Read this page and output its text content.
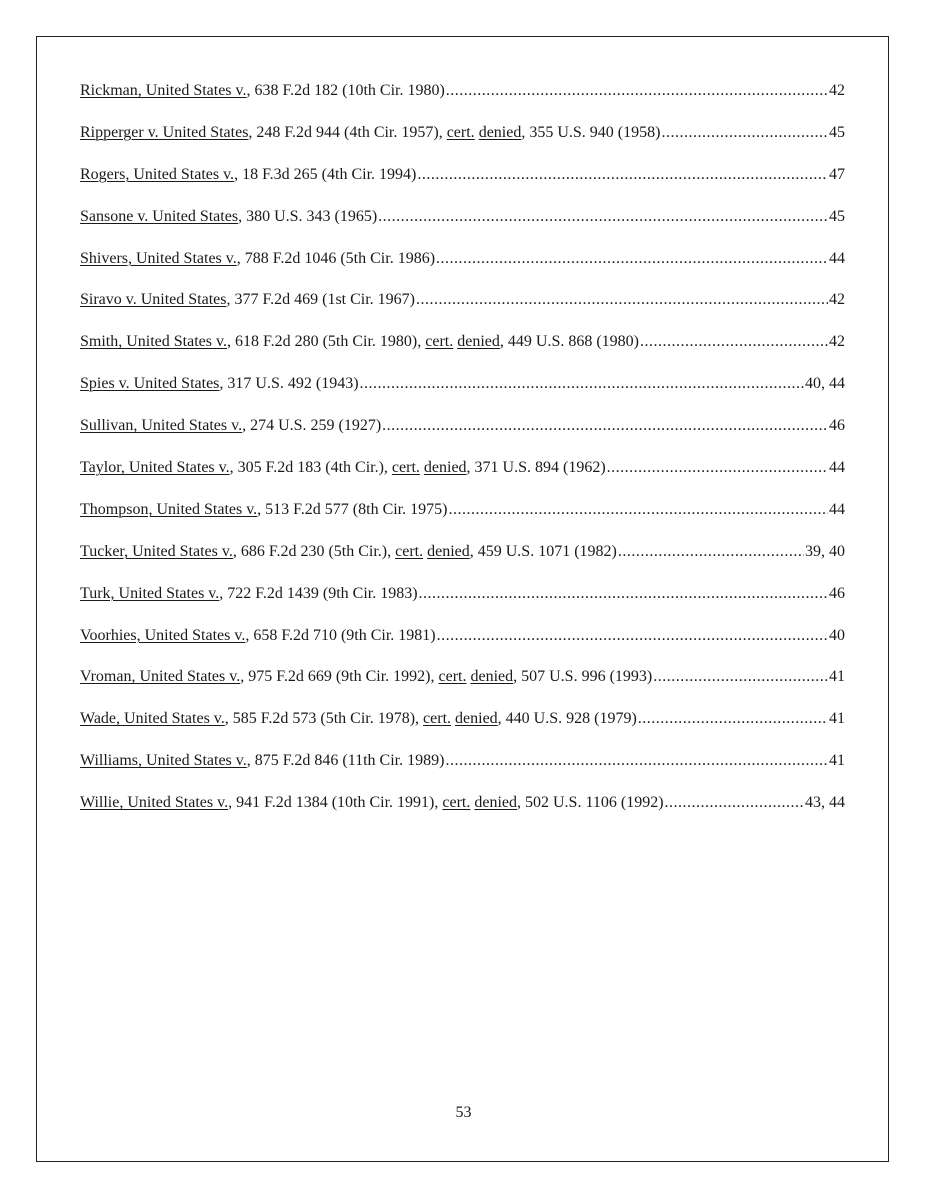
Rickman, United States v., 638 F.2d 182 (10th Cir. 1980) .....	42
Ripperger v. United States, 248 F.2d 944 (4th Cir. 1957), cert. denied, 355 U.S. 940 (1958) .....	45
Rogers, United States v., 18 F.3d 265 (4th Cir. 1994) .....	47
Sansone v. United States, 380 U.S. 343 (1965) .....	45
Shivers, United States v., 788 F.2d 1046 (5th Cir. 1986) .....	44
Siravo v. United States, 377 F.2d 469 (1st Cir. 1967) .....	42
Smith, United States v., 618 F.2d 280 (5th Cir. 1980), cert. denied, 449 U.S. 868 (1980) .....	42
Spies v. United States, 317 U.S. 492 (1943) .....	40, 44
Sullivan, United States v., 274 U.S. 259 (1927) .....	46
Taylor, United States v., 305 F.2d 183 (4th Cir.), cert. denied, 371 U.S. 894 (1962) .....	44
Thompson, United States v., 513 F.2d 577 (8th Cir. 1975) .....	44
Tucker, United States v., 686 F.2d 230 (5th Cir.), cert. denied, 459 U.S. 1071 (1982) .....	39, 40
Turk, United States v., 722 F.2d 1439 (9th Cir. 1983) .....	46
Voorhies, United States v., 658 F.2d 710 (9th Cir. 1981) .....	40
Vroman, United States v., 975 F.2d 669 (9th Cir. 1992), cert. denied, 507 U.S. 996 (1993) .....	41
Wade, United States v., 585 F.2d 573 (5th Cir. 1978), cert. denied, 440 U.S. 928 (1979) .....	41
Williams, United States v., 875 F.2d 846 (11th Cir. 1989) .....	41
Willie, United States v., 941 F.2d 1384 (10th Cir. 1991), cert. denied, 502 U.S. 1106 (1992) .....	43, 44
53
